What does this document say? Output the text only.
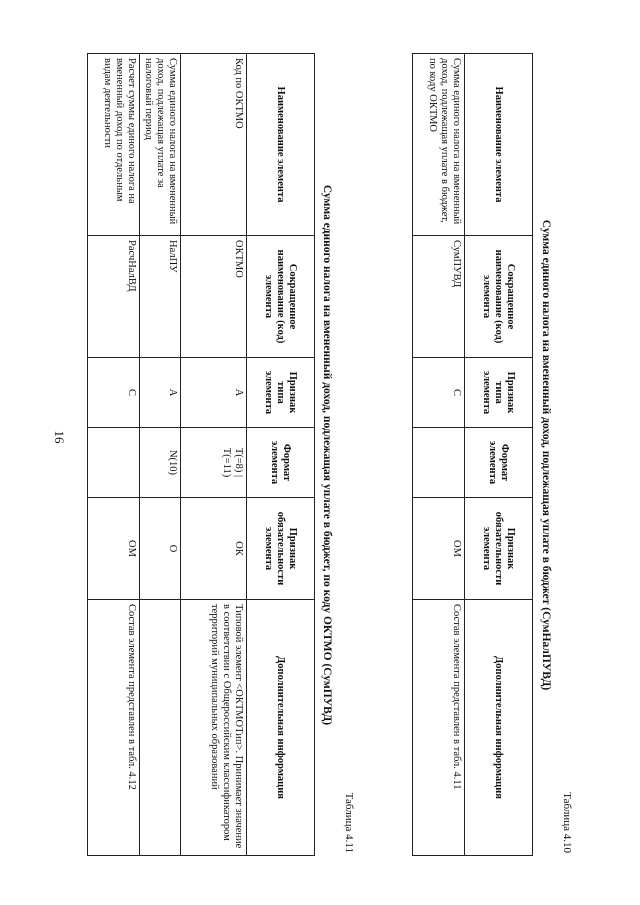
16
Таблица 4.10
Сумма единого налога на вмененный доход, подлежащая уплате в бюджет (СумНалПУВД)
Наименование элемента	Сокращенное наименование (код) элемента	Признак типа элемента	Формат элемента	Признак обязательности элемента	Дополнительная информация
Сумма единого налога на вмененный доход, подлежащая уплате в бюджет, по коду ОКТМО	СумПУВД	С		ОМ	Состав элемента представлен в табл. 4.11
Таблица 4.11
Сумма единого налога на вмененный доход, подлежащая уплате в бюджет, по коду ОКТМО (СумПУВД)
Наименование элемента	Сокращенное наименование (код) элемента	Признак типа элемента	Формат элемента	Признак обязательности элемента	Дополнительная информация
Код по ОКТМО	ОКТМО	А	T(=8) | T(=11)	ОК	Типовой элемент <ОКТМОТип>. Принимает значение в соответствии с Общероссийским классификатором территорий муниципальных образований
Сумма единого налога на вмененный доход, подлежащая уплате за налоговый период	НалПУ	А	N(10)	О	
Расчет суммы единого налога на вмененный доход по отдельным видам деятельности	РасчНалВД	С		ОМ	Состав элемента представлен в табл. 4.12
